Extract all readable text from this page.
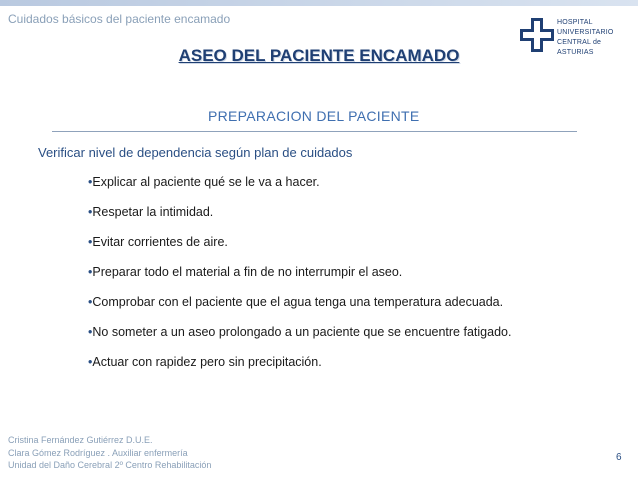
Cuidados básicos del paciente encamado	HOSPITAL
UNIVERSITARIO
CENTRAL de
ASTURIAS
ASEO DEL PACIENTE ENCAMADO
PREPARACION DEL PACIENTE
Verificar nivel de dependencia según plan de cuidados
•Explicar al paciente qué se le va a hacer.
•Respetar la intimidad.
•Evitar corrientes de aire.
•Preparar todo el material a fin de no interrumpir el aseo.
•Comprobar con el paciente que el agua tenga una temperatura adecuada.
•No someter a un aseo prolongado a un paciente que se encuentre fatigado.
•Actuar con rapidez pero sin precipitación.
Cristina Fernández Gutiérrez D.U.E.
Clara Gómez Rodríguez . Auxiliar enfermería
Unidad del Daño Cerebral 2º Centro Rehabilitación
6
